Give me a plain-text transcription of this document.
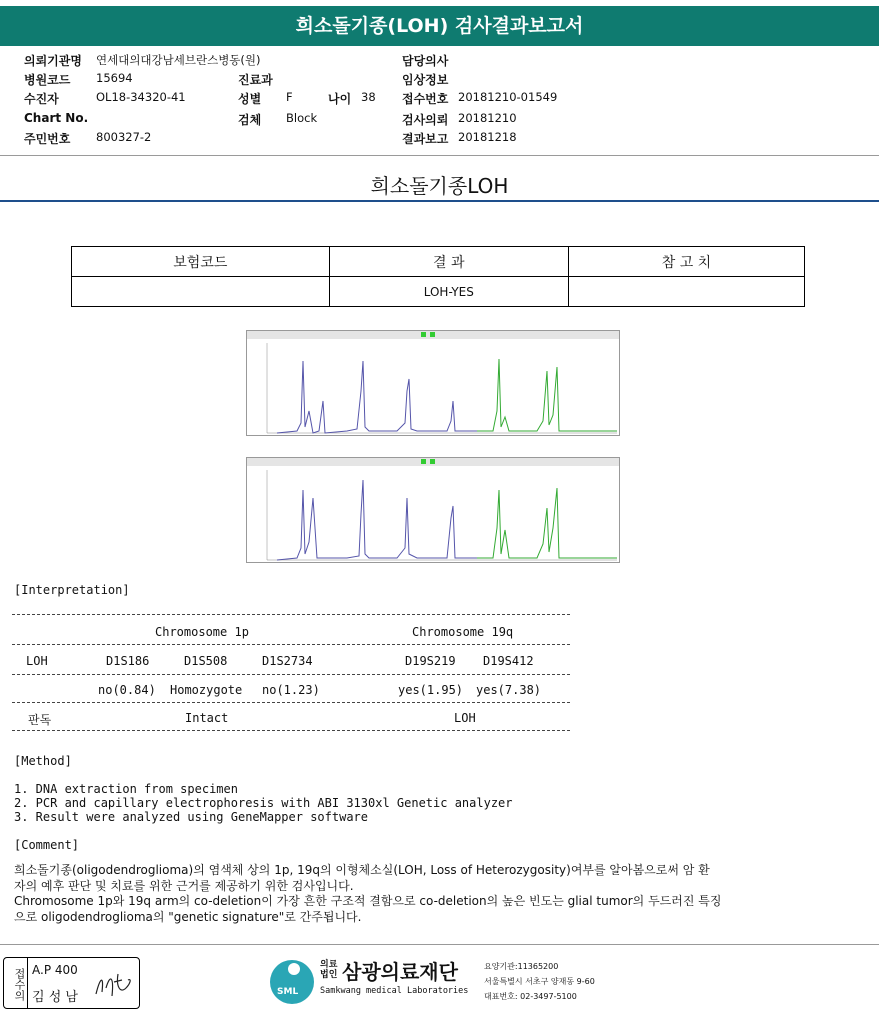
희소돌기종(LOH) 검사결과보고서
의뢰기관명 연세대의대강남세브란스병동(원)	담당의사
병원코드 15694	진료과	임상정보
수진자	OL18-34320-41	성별 F	나이 38 접수번호 20181210-01549
Chart No.	검체 Block	검사의뢰 20181210
주민번호 800327-2	결과보고 20181218
희소돌기종LOH
보험코드	결 과	참 고 치
	LOH-YES	
[Interpretation]
Chromosome 1p	Chromosome 19q
LOH	D1S186	D1S508	D1S2734	D19S219 D19S412
no(0.84) Homozygote no(1.23)	yes(1.95) yes(7.38)
판독	Intact	LOH
[Method]
1. DNA extraction from specimen
2. PCR and capillary electrophoresis with ABI 3130xl Genetic analyzer
3. Result were analyzed using GeneMapper software
[Comment]
희소돌기종(oligodendroglioma)의 염색체 상의 1p, 19q의 이형체소실(LOH, Loss of Heterozygosity)여부를 알아봄으로써 암 환
자의 예후 판단 및 치료를 위한 근거를 제공하기 위한 검사입니다.
Chromosome 1p와 19q arm의 co-deletion이 가장 흔한 구조적 결함으로 co-deletion의 높은 빈도는 glial tumor의 두드러진 특징
으로 oligodendroglioma의 "genetic signature"로 간주됩니다.
접수의 A.P 400
김 성 남	SML
의료
법인 삼광의료재단
Samkwang medical Laboratories
요양기관:11365200
서울특별시 서초구 양재동 9-60
대표번호: 02-3497-5100
